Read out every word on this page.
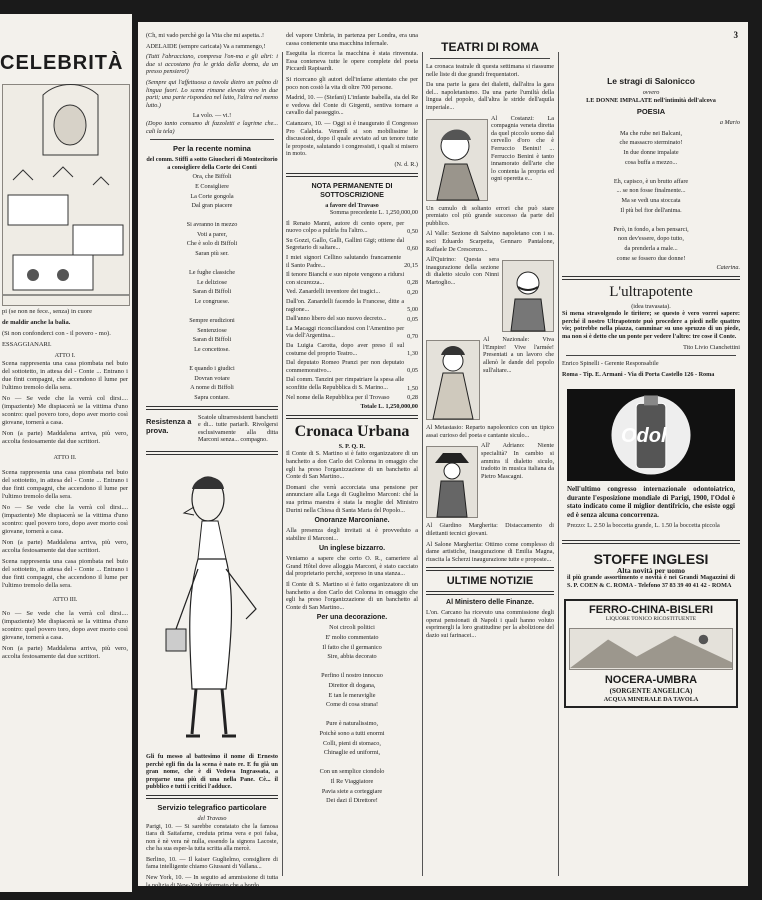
CELEBRITÀ

pi (se non ne fece., senza) in cuore

de maldir anche la balia.

(Si non confonderci con - il povero - mo).

ESSAGGIANARI.

ATTO I.

Scena rappresenta una casa piombata nel buio del sottotetto, in attesa del - Conte ... Entrano i due finti compagni, che accendono il lume per l'ultimo tremolo della sera.

No — Se vede che la verrà col dirsi.... (impaziente) Me dispiacerà se la vittima d'uno scontro: quel povero toro, dopo aver morto così giovane, tornerà a casa.

Non (a parte) Maddalena arriva, più vero, accolta festosamente dai due scrittori.

ATTO II.

Scena rappresenta una casa piombata nel buio del sottotetto, in attesa del - Conte ... Entrano i due finti compagni, che accendono il lume per l'ultimo tremolo della sera.

No — Se vede che la verrà col dirsi.... (impaziente) Me dispiacerà se la vittima d'uno scontro: quel povero toro, dopo aver morto così giovane, tornerà a casa.

Non (a parte) Maddalena arriva, più vero, accolta festosamente dai due scrittori.

Scena rappresenta una casa piombata nel buio del sottotetto, in attesa del - Conte ... Entrano i due finti compagni, che accendono il lume per l'ultimo tremolo della sera.

ATTO III.

No — Se vede che la verrà col dirsi.... (impaziente) Me dispiacerà se la vittima d'uno scontro: quel povero toro, dopo aver morto così giovane, tornerà a casa.

Non (a parte) Maddalena arriva, più vero, accolta festosamente dai due scrittori.

3

(Ch, mi vado perchè go la Vita che mi aspetta..!

ADELAIDE (sempre caricata) Va a rammengo,!

(Tutti l'abracciano, compresa l'on-ma e gli altri: i due si accostano fra le grida della donna, da un presso pensiero!)

(Sempre qui l'affettuosa a tavola dietro un palmo di lingua fuori. Lo scena rimane elevata vivo in due parti; una parte rispondea nel lutto, l'altra nel memo lutto.)

La volo. — vi.!

(Dopo tanto consumo di fazzoletti e lagrime che... cali la tela)

Per la recente nomina

del comm. Stiffi a sotto Giuocheri di Montecitorio a consigliere della Corte dei Conti

Ora, che Biffoli

E Consigliere

La Corte gongola

Dal gran piacere

Si avranno in mezzo

Voti a parer,

Che è solo di Biffoli

Saran più ser.

Le fughe classiche

Le deliziose

Saran di Biffoli

Le congruese.

Sempre erudizioni

Sentenziose

Saran di Biffoli

Le concettose.

E quando i giudici

Dovran votare

A nome di Biffoli

Sapra contare.

Resistenza a prova.

Scatole ultrarresistenti banchetti e di... tutte pariarli. Rivolgersi esclusivamente alla ditta Marconi senza... compagno.

Gli fu messo al battesimo il nome di Ernesto perchè egli fin da la scena è nato re. E fu già un gran nome, che è di Vedova Ingrassata, a pregarne una più di una nella Pane. Cè... il pubblico e tutti i critici l'adduce.

Servizio telegrafico particolare

del Travaso

Parigi, 10. — Si sarebbe constatato che la famosa tiara di Saitafarne, creduta prima vera e poi falsa, non è nè vera nè nulla, essendo la signora Lacoste, che ha sua esper-la tutta scritta alla mercè.

Berlino, 10. — Il kaiser Guglielmo, consigliere di fama intelligente chiamo Giussani di Vallana...

New York, 10. — In seguito ad ammissione di tutta la polizia di New-York informato che a bordo

del vapore Umbria, in partenza per Londra, era una cassa contenente una macchina infernale.

Eseguita la ricerca la macchina è stata rinvenuta. Essa conteneva tutte le opere complete del poeta Piccardi Rapisardi.

Si ricercano gli autori dell'infame attentato che per poco non costò la vita di oltre 700 persone.

Madrid, 10. — (Stefani) L'infante Isabella, sia del Re e vedova del Conte di Girgenti, sentiva tornare a cavallo dal passeggio...

Catanzaro, 10. — Oggi si è inaugurato il Congresso Pro Calabria. Venerdì si son mobilissime le discussioni, dopo il quale avviato ad un tenore tutte le proposte, salutando i congressisti, i quali si misero in moto.

(N. d. R.)

NOTA PERMANENTE DI SOTTOSCRIZIONE

a favore del Travaso

Somma precedente L. 1,250,000,00

Il Renato Manni, autore di cento opere, per nuovo colpo a pulirla fra l'altro...	0,50
Su Gozzi, Gallo, Galli, Gallini Gigi; ottiene dal Segretario di saltare...	0,60
I miei signori Cellino salutando francamente il Santo Padre...	20,15
Il tenore Bianchi e suo nipote vengono a ridursi con sicurezza...	0,28
Ved. Zanardelli inventore dei tragici...	0,20
Dall'on. Zanardelli facendo la Francese, ditte a ragione...	5,00
Dall'anno libero del suo nuovo decreto...	0,05
La Macaggi riconciliandosi con l'Amentino per via dell'Argentina...	0,70
Da Luigia Carotta, dopo aver preso il sul costume del proprio Teatro...	1,30
Dal deputato Romeo Pranzi per non deputato commemorativo...	0,05
Dal comm. Tanzini per rimpatriare la spesa alle sconfitte della Repubblica di S. Marino...	1,50
Nel nome della Repubblica per il Trovaso	0,28

Totale L. 1,250,000,00

Cronaca Urbana

S. P. Q. R.

Il Conte di S. Martino si è fatto organizzatore di un banchetto a don Carlo dei Colonna in omaggio che egli ha preso l'organizzazione di un banchetto al Conte di San Martino...

Domani che verrà accorciata una pensione per annunciare alla Lega di Guglielmo Marconi: ché la sua prima maestra è stata la moglie del Ministro Durini nella Chiesa di Santa Maria del Popolo...

Onoranze Marconiane.

Alla presenza degli invitati si è provveduto a stabilire il Marconi...

Un inglese bizzarro.

Veniamo a sapere che certo O. R., cameriere al Grand Hôtel dove alloggia Marconi, è stato cacciato dal proprietario perchè, sorpreso in una stanza...

Il Conte di S. Martino si è fatto organizzatore di un banchetto a don Carlo dei Colonna in omaggio che egli ha preso l'organizzazione di un banchetto al Conte di San Martino...

Per una decorazione.

Noi circoli politici

E' molto commentato

Il fatto che il germanico

Sire, abbia decorato

Perfino il nostro innocuo

Direttor di dogana,

E tan le meraviglie

Come di cosa strana!

Pure è naturalissimo,

Poichè sono a tutti enormi

Colli, pieni di stomaco,

Chinaglie ed uniformi,

Con un semplice ciondolo

Il Re Viaggiatore

Pavia siete a corteggiare

Dei dazi il Direttore!

TEATRI DI ROMA

La cronaca teatrale di questa settimana si riassume nelle liste di due grandi frequentatori.

Da una parte la gara dei dialetti, dall'altra la gara del... napoletanismo. Da una parte l'umiltà della lingua del popolo, dall'altra le stride dell'aquila imperiale...

Al Costanzi: La compagnia veneta diretta da quel piccolo uomo dal cervello d'oro che è Ferruccio Benini! ... Ferruccio Benini è tanto innamorato dell'arte che lo contenta la propria ed ogni operetta e...

Un cumulo di soltanto errori che può stare premiato col più grande successo da parte del pubblico.

Al Valle: Sezione di Salvino napoletano con i ss. soci Eduardo Scarpetta, Gennaro Pantalone, Raffaele De Crescenzo...

All'Quirino: Questa sera inaugurazione della sezione di dialetto siculo con Ninni Martoglio...

Al Nazionale: Viva l'Empire! Vive l'armée! Presentati a un lavoro che allenò le dande del popolo sull'altare...

Al Metastasio: Reparto napoleonico con un tipico assai curioso del poeta e cantante siculo...

All' Adriano: Niente specialità? In cambio si ammira il dialetto siculo, tradotto in musica italiana da Pietro Mascagni.

Al Giardino Margherita: Distaccamento di dilettanti tecnici giovani.

Al Salone Margherita: Ottimo come complesso di dame artistiche, inaugurazione di Emilia Magna, riuscita la Scherzi inaugurazione tutte e proposte...

ULTIME NOTIZIE

Al Ministero delle Finanze.

L'on. Carcano ha ricevuto una commissione degli operai pensionati di Napoli i quali hanno voluto esprimergli la loro gratitudine per la abolizione del dazio sui farinacei...

Le stragi di Salonicco

ovvero

LE DONNE IMPALATE nell'intimità dell'alcova

POESIA

a Mario

Ma che rube nei Balcani,

che massacro sterminato!

In due donne impalate

cosa buffa a mezzo...

Eh, capisco, è un brutto affare

... se non fosse finalmente...

Ma se vedi una stoccata

Il più bel fior dell'anima.

Però, in fondo, a ben pensarci,

non dev'essere, dopo tutto,

da prenderla a male...

come se fossero due donne!

Caterina.

L'ultrapotente

(idea travasata).

Si mena stravolgendo le tiritere; se questo è vero vorrei sapere: perché il nostro Ultrapotente può procedere a piedi nelle quattro vie; potrebbe nella piazza, camminar su uno spruzzo di un piede, ma non si è detto che un ponte per vedere l'altro: tre cose il Conte.

Tito Livio Cianchettini

Enrico Spinelli - Gerente Responsabile

Roma - Tip. E. Armani - Via di Porta Castello 126 - Roma

Odol

Nell'ultimo congresso internazionale odontoiatrico, durante l'esposizione mondiale di Parigi, 1900, l'Odol è stato indicato come il miglior dentifricio, che esiste oggi ed è senza alcuna concorrenza.

Prezzo: L. 2.50 la boccetta grande, L. 1.50 la boccetta piccola

STOFFE INGLESI

Alta novità per uomo

il più grande assortimento e novità è nei Grandi Magazzini di S. P. COEN & C. ROMA - Telefono 37 83 39 40 41 42 - ROMA

FERRO-CHINA-BISLERI

LIQUORE TONICO RICOSTITUENTE

NOCERA-UMBRA

(SORGENTE ANGELICA)

ACQUA MINERALE DA TAVOLA
